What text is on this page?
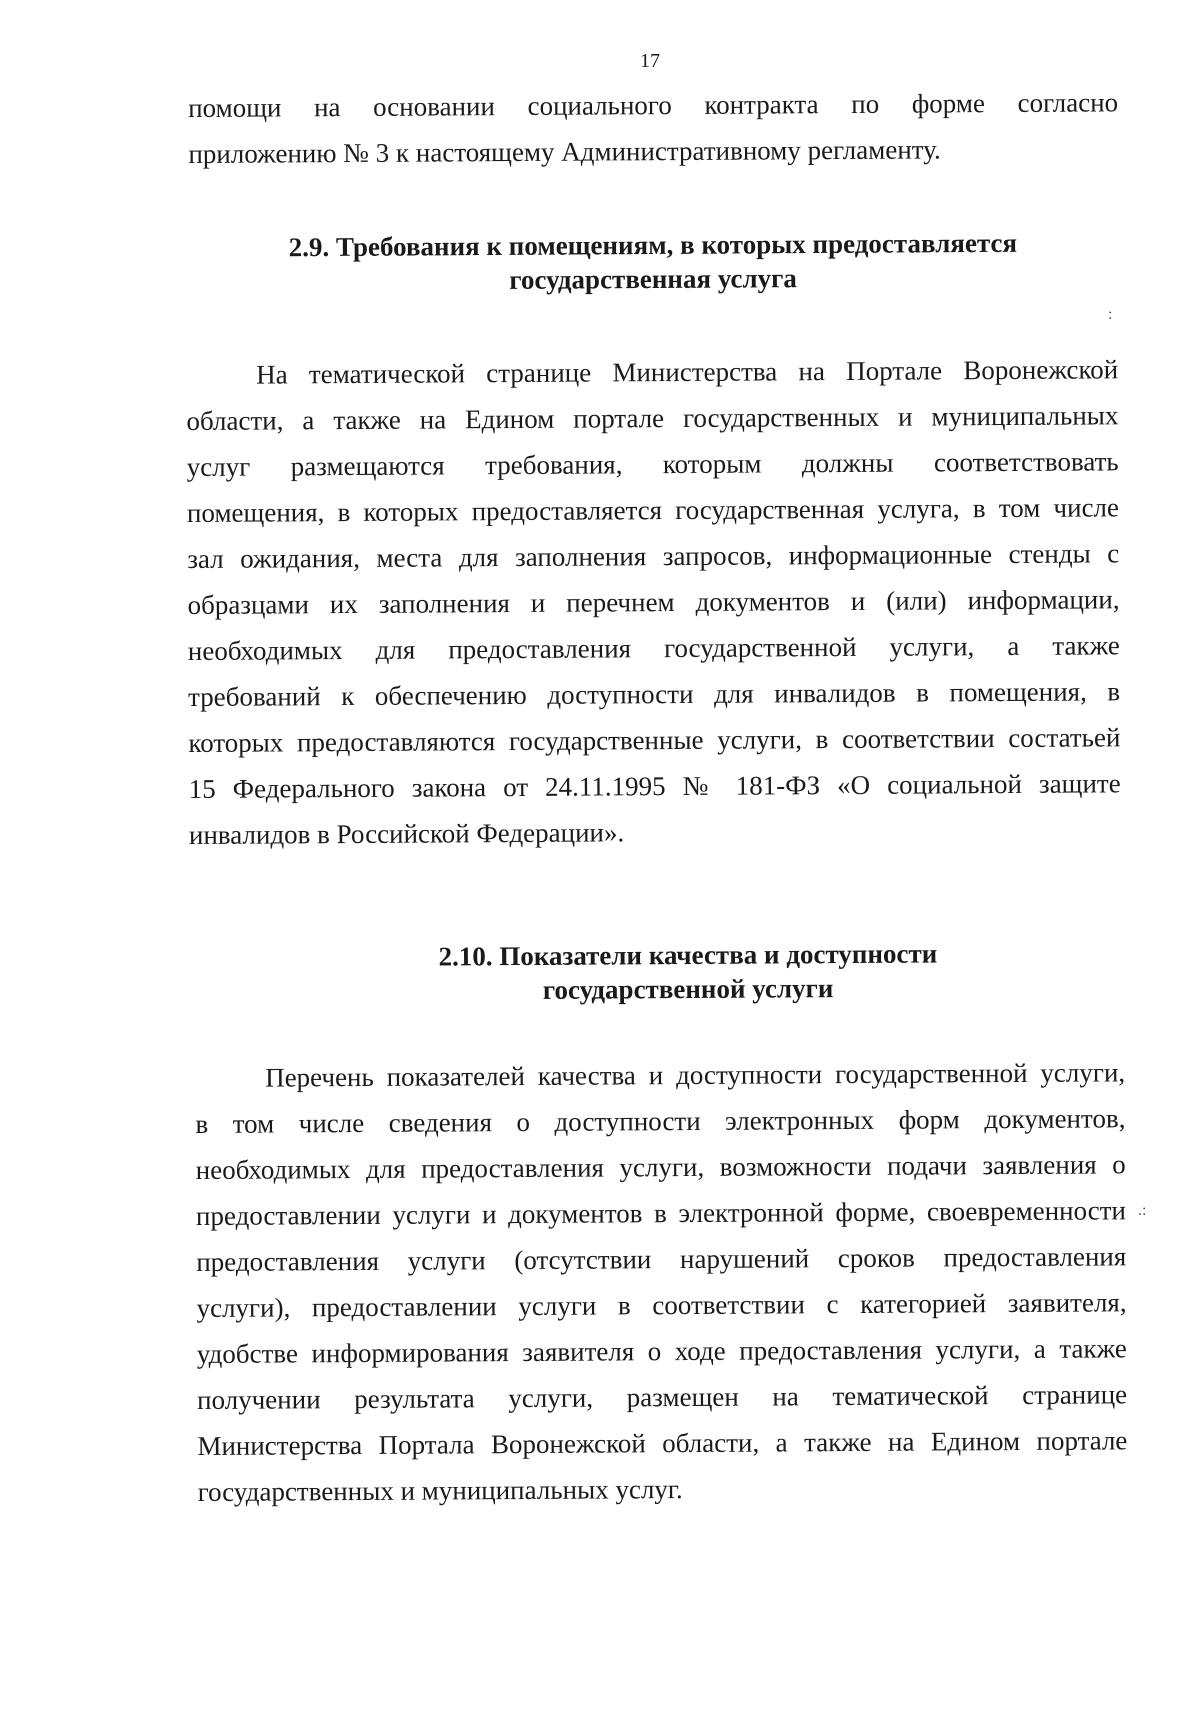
17

помощи на основании социального контракта по форме согласно

приложению № 3 к настоящему Административному регламенту.

2.9. Требования к помещениям, в которых предоставляется
государственная услуга
:

На тематической странице Министерства на Портале Воронежской

области, а также на Едином портале государственных и муниципальных

услуг размещаются требования, которым должны соответствовать

помещения, в которых предоставляется государственная услуга, в том числе

зал ожидания, места для заполнения запросов, информационные стенды с

образцами их заполнения и перечнем документов и (или) информации,

необходимых для предоставления государственной услуги, а также

требований к обеспечению доступности для инвалидов в помещения, в

которых предоставляются государственные услуги, в соответствии состатьей

15 Федерального закона от 24.11.1995 № 181-ФЗ «О социальной защите

инвалидов в Российской Федерации».

2.10. Показатели качества и доступности
государственной услуги

Перечень показателей качества и доступности государственной услуги,

в том числе сведения о доступности электронных форм документов,

необходимых для предоставления услуги, возможности подачи заявления о

предоставлении услуги и документов в электронной форме, своевременности

предоставления услуги (отсутствии нарушений сроков предоставления

услуги), предоставлении услуги в соответствии с категорией заявителя,

удобстве информирования заявителя о ходе предоставления услуги, а также

получении результата услуги, размещен на тематической странице

Министерства Портала Воронежской области, а также на Едином портале

государственных и муниципальных услуг.

.:
